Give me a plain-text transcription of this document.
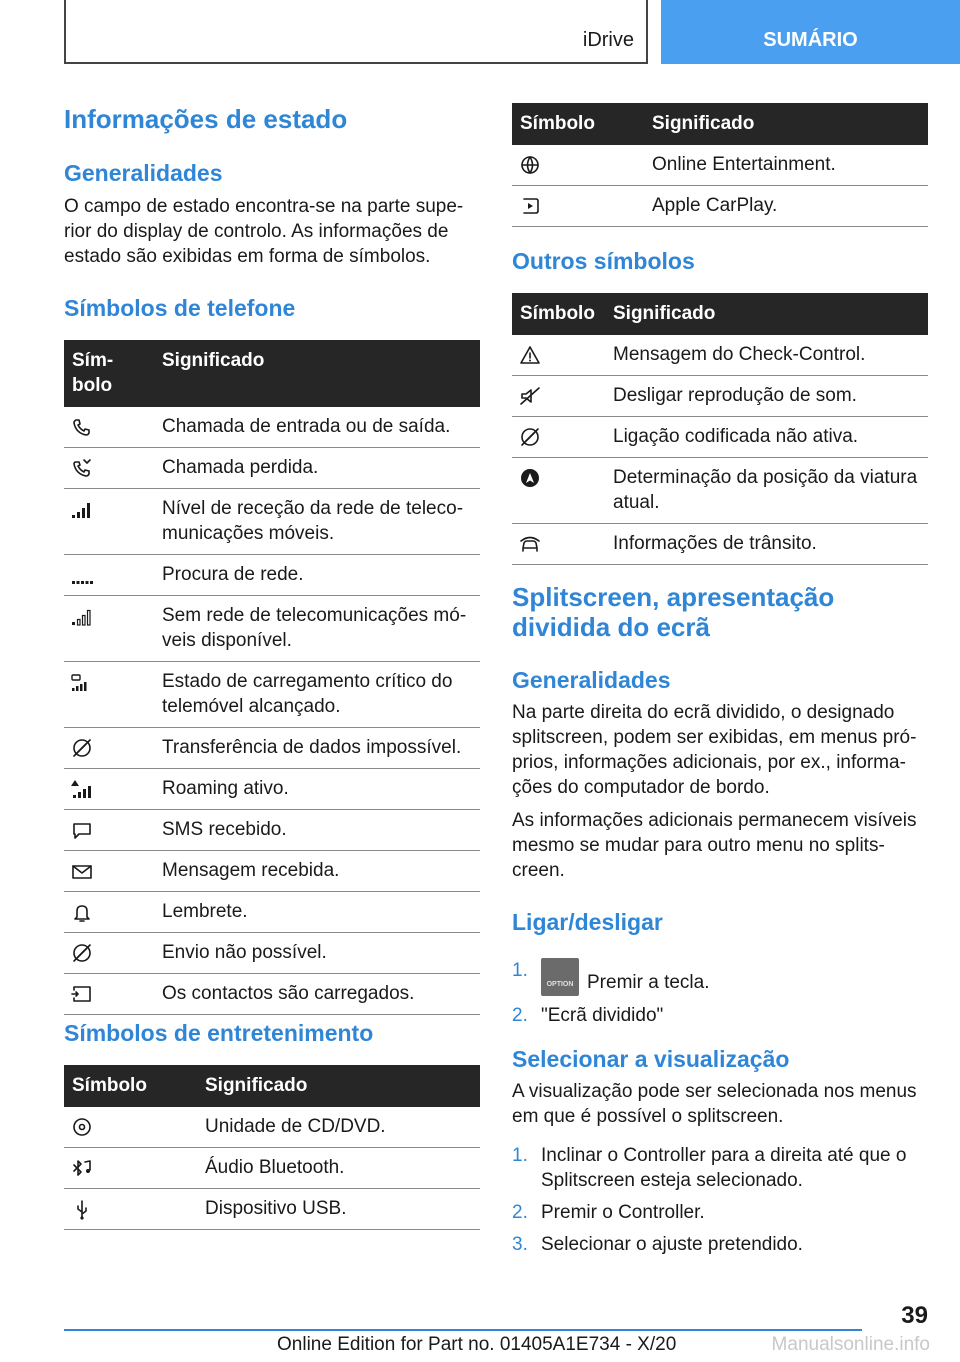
iDrive	SUMÁRIO
Informações de estado
Generalidades

O campo de estado encontra-se na parte superior do display de controlo. As informações de estado são exibidas em forma de símbolos.

Símbolos de telefone
Símbolo	Significado

	Chamada de entrada ou de saída.

	Chamada perdida.

	Nível de receção da rede de telecomunicações móveis.

	Procura de rede.

	Sem rede de telecomunicações móveis disponível.

	Estado de carregamento crítico do telemóvel alcançado.

	Transferência de dados impossível.

	Roaming ativo.

	SMS recebido.

	Mensagem recebida.

	Lembrete.

	Envio não possível.

	Os contactos são carregados.
Símbolos de entretenimento
Símbolo	Significado

	Unidade de CD/DVD.

	Áudio Bluetooth.

	Dispositivo USB.
Símbolo	Significado

	Online Entertainment.

	Apple CarPlay.
Outros símbolos
Símbolo	Significado

	Mensagem do Check-Control.

	Desligar reprodução de som.

	Ligação codificada não ativa.

	Determinação da posição da viatura atual.

	Informações de trânsito.
Splitscreen, apresentação dividida do ecrã
Generalidades

Na parte direita do ecrã dividido, o designado splitscreen, podem ser exibidas, em menus próprios, informações adicionais, por ex., informações do computador de bordo.

As informações adicionais permanecem visíveis mesmo se mudar para outro menu no splitscreen.

Ligar/desligar
1.
OPTION Premir a tecla.
2. "Ecrã dividido"
Selecionar a visualização

A visualização pode ser selecionada nos menus em que é possível o splitscreen.

1. Inclinar o Controller para a direita até que o Splitscreen esteja selecionado.
2. Premir o Controller.
3. Selecionar o ajuste pretendido.
39
Online Edition for Part no. 01405A1E734 - X/20	Manualsonline.info
